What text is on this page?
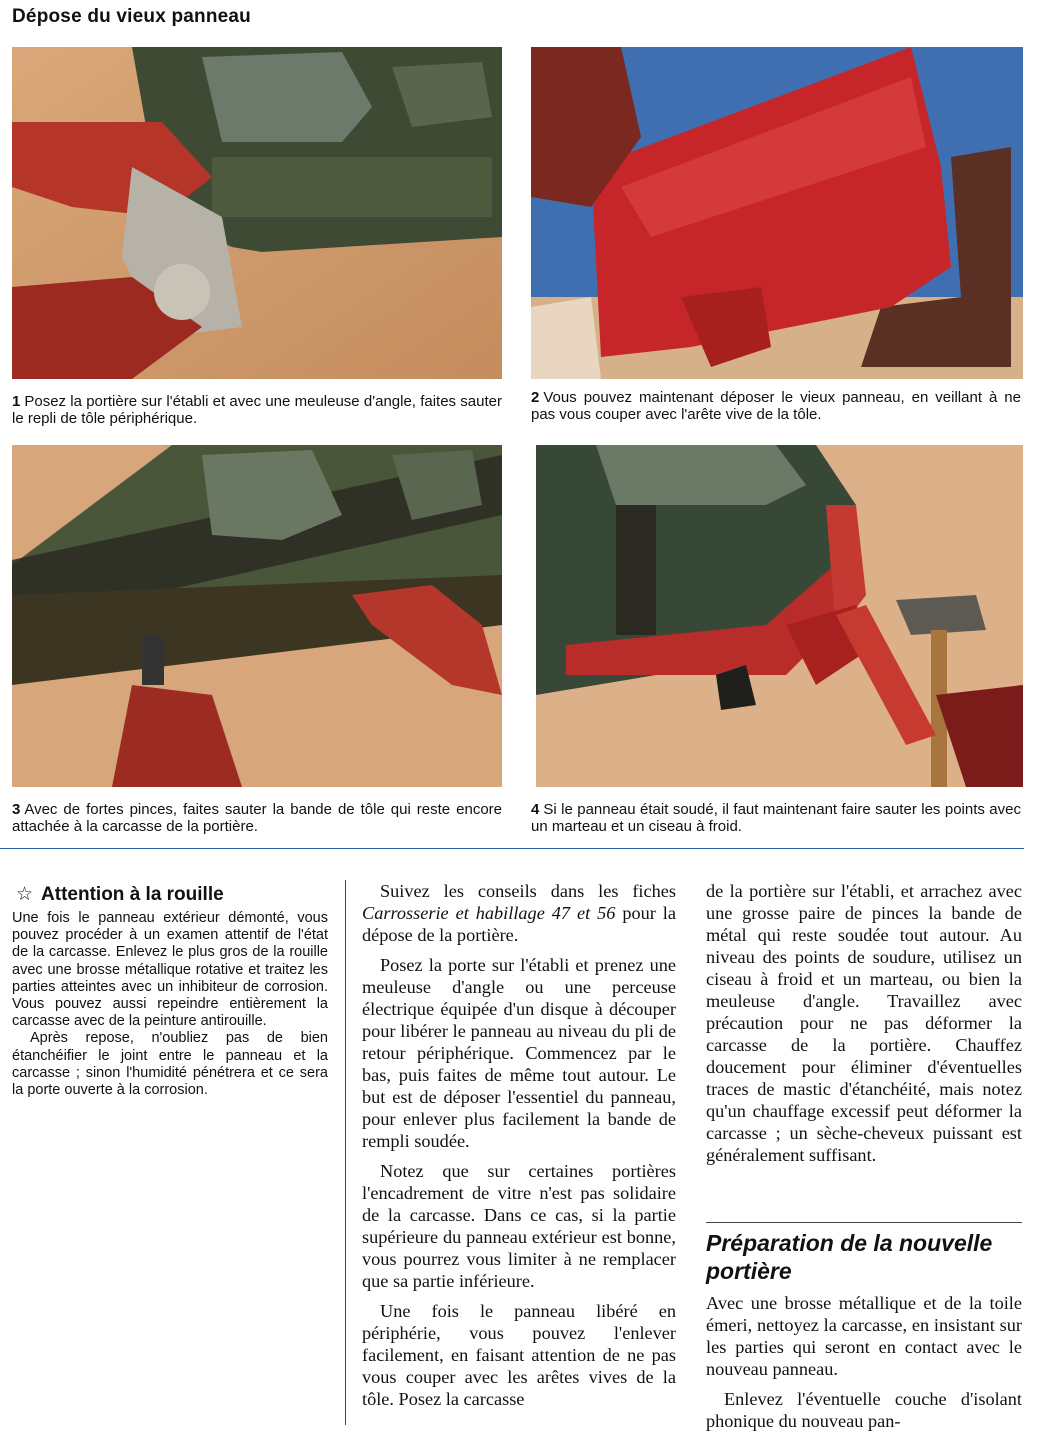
Dépose du vieux panneau
1 Posez la portière sur l'établi et avec une meuleuse d'angle, faites sauter le repli de tôle périphérique.
2 Vous pouvez maintenant déposer le vieux panneau, en veillant à ne pas vous couper avec l'arête vive de la tôle.
3 Avec de fortes pinces, faites sauter la bande de tôle qui reste encore attachée à la carcasse de la portière.
4 Si le panneau était soudé, il faut maintenant faire sauter les points avec un marteau et un ciseau à froid.
☆ Attention à la rouille

Une fois le panneau extérieur démonté, vous pouvez procéder à un examen attentif de l'état de la carcasse. Enlevez le plus gros de la rouille avec une brosse métallique rotative et traitez les parties atteintes avec un inhibiteur de corrosion. Vous pouvez aussi repeindre entièrement la carcasse avec de la peinture antirouille.

Après repose, n'oubliez pas de bien étanchéifier le joint entre le panneau et la carcasse ; sinon l'humidité pénétrera et ce sera la porte ouverte à la corrosion.

Suivez les conseils dans les fiches Carrosserie et habillage 47 et 56 pour la dépose de la portière.

Posez la porte sur l'établi et prenez une meuleuse d'angle ou une perceuse électrique équipée d'un disque à découper pour libérer le panneau au niveau du pli de retour périphérique. Commencez par le bas, puis faites de même tout autour. Le but est de déposer l'essentiel du panneau, pour enlever plus facilement la bande de rempli soudée.

Notez que sur certaines portières l'encadrement de vitre n'est pas solidaire de la carcasse. Dans ce cas, si la partie supérieure du panneau extérieur est bonne, vous pourrez vous limiter à ne remplacer que sa partie inférieure.

Une fois le panneau libéré en périphérie, vous pouvez l'enlever facilement, en faisant attention de ne pas vous couper avec les arêtes vives de la tôle. Posez la carcasse

de la portière sur l'établi, et arrachez avec une grosse paire de pinces la bande de métal qui reste soudée tout autour. Au niveau des points de soudure, utilisez un ciseau à froid et un marteau, ou bien la meuleuse d'angle. Travaillez avec précaution pour ne pas déformer la carcasse de la portière. Chauffez doucement pour éliminer d'éventuelles traces de mastic d'étanchéité, mais notez qu'un chauffage excessif peut déformer la carcasse ; un sèche-cheveux puissant est généralement suffisant.

Préparation de la nouvelle portière

Avec une brosse métallique et de la toile émeri, nettoyez la carcasse, en insistant sur les parties qui seront en contact avec le nouveau panneau.

Enlevez l'éventuelle couche d'isolant phonique du nouveau pan-
